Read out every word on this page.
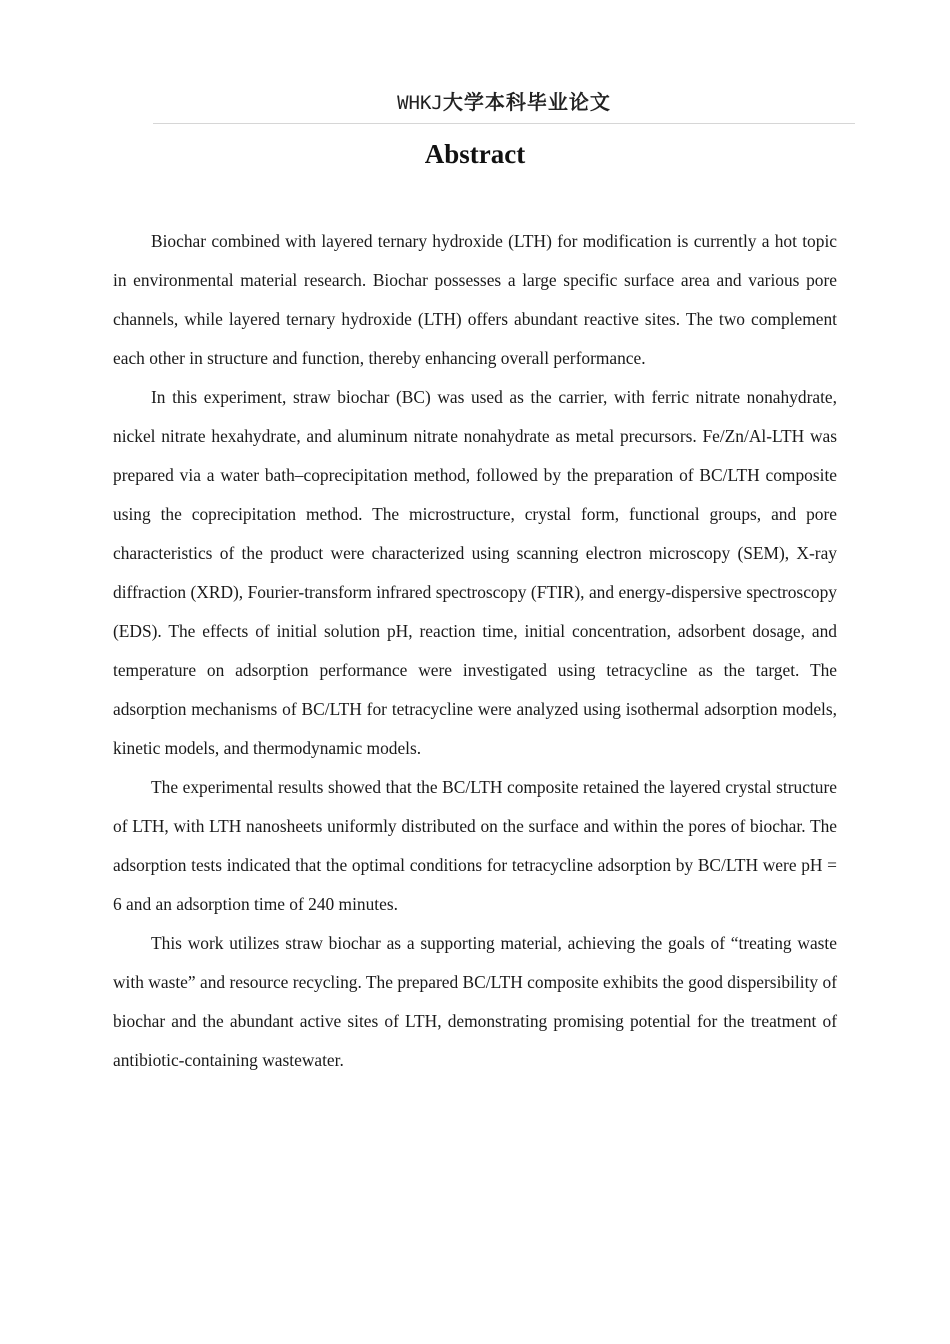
WHKJ大学本科毕业论文
Abstract

Biochar combined with layered ternary hydroxide (LTH) for modification is currently a hot topic in environmental material research. Biochar possesses a large specific surface area and various pore channels, while layered ternary hydroxide (LTH) offers abundant reactive sites. The two complement each other in structure and function, thereby enhancing overall performance.

In this experiment, straw biochar (BC) was used as the carrier, with ferric nitrate nonahydrate, nickel nitrate hexahydrate, and aluminum nitrate nonahydrate as metal precursors. Fe/Zn/Al-LTH was prepared via a water bath–coprecipitation method, followed by the preparation of BC/LTH composite using the coprecipitation method. The microstructure, crystal form, functional groups, and pore characteristics of the product were characterized using scanning electron microscopy (SEM), X-ray diffraction (XRD), Fourier-transform infrared spectroscopy (FTIR), and energy-dispersive spectroscopy (EDS). The effects of initial solution pH, reaction time, initial concentration, adsorbent dosage, and temperature on adsorption performance were investigated using tetracycline as the target. The adsorption mechanisms of BC/LTH for tetracycline were analyzed using isothermal adsorption models, kinetic models, and thermodynamic models.

The experimental results showed that the BC/LTH composite retained the layered crystal structure of LTH, with LTH nanosheets uniformly distributed on the surface and within the pores of biochar. The adsorption tests indicated that the optimal conditions for tetracycline adsorption by BC/LTH were pH = 6 and an adsorption time of 240 minutes.

This work utilizes straw biochar as a supporting material, achieving the goals of “treating waste with waste” and resource recycling. The prepared BC/LTH composite exhibits the good dispersibility of biochar and the abundant active sites of LTH, demonstrating promising potential for the treatment of antibiotic-containing wastewater.
